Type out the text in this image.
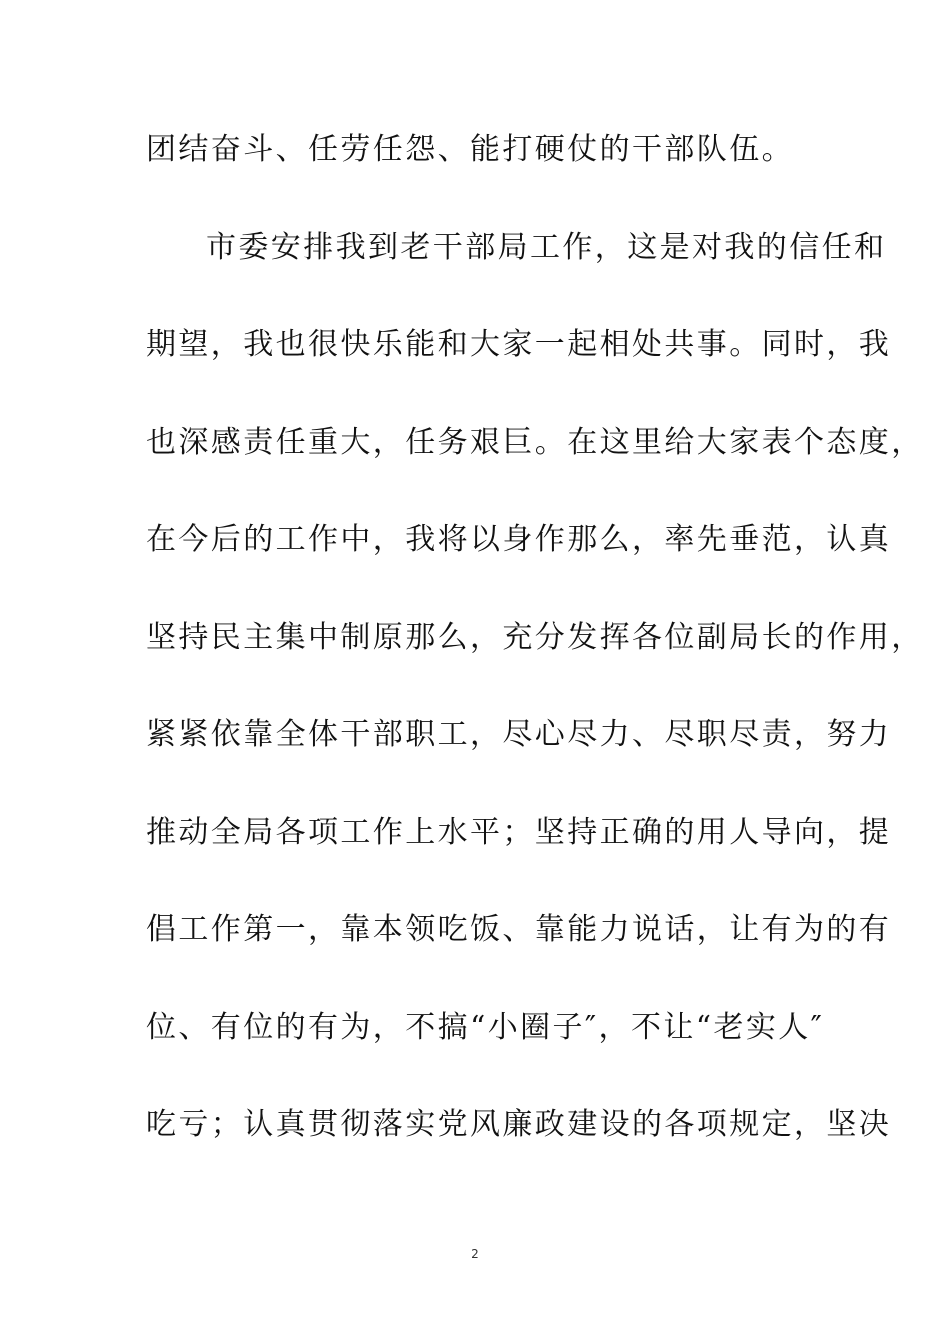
团结奋斗、任劳任怨、能打硬仗的干部队伍。
市委安排我到老干部局工作，这是对我的信任和
期望，我也很快乐能和大家一起相处共事。同时，我
也深感责任重大，任务艰巨。在这里给大家表个态度，
在今后的工作中，我将以身作那么，率先垂范，认真
坚持民主集中制原那么，充分发挥各位副局长的作用，
紧紧依靠全体干部职工，尽心尽力、尽职尽责，努力
推动全局各项工作上水平；坚持正确的用人导向，提
倡工作第一，靠本领吃饭、靠能力说话，让有为的有
位、有位的有为，不搞“小圈子″，不让“老实人″
吃亏；认真贯彻落实党风廉政建设的各项规定，坚决
2
